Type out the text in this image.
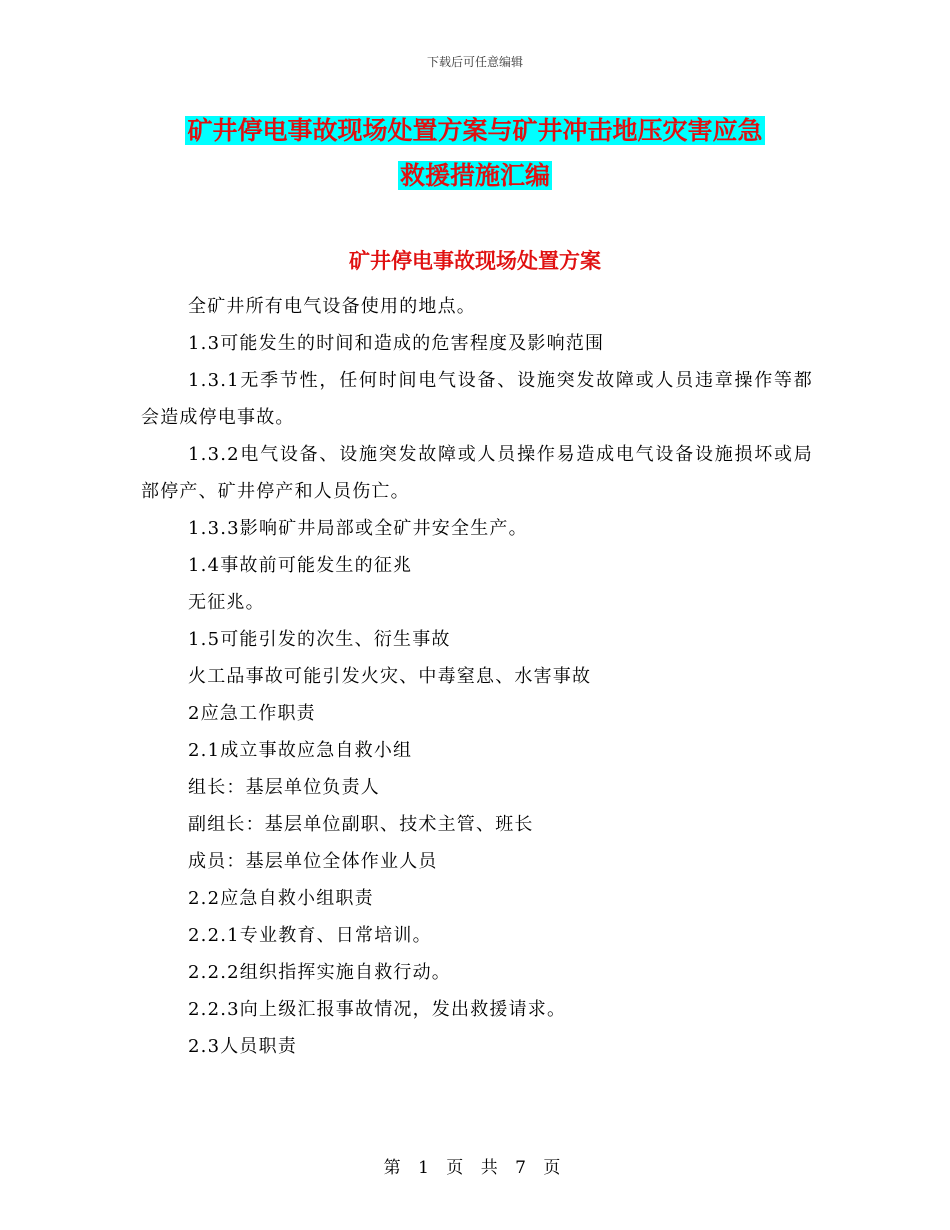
下载后可任意编辑
矿井停电事故现场处置方案与矿井冲击地压灾害应急
救援措施汇编
矿井停电事故现场处置方案

全矿井所有电气设备使用的地点。

1.3可能发生的时间和造成的危害程度及影响范围

1.3.1无季节性，任何时间电气设备、设施突发故障或人员违章操作等都会造成停电事故。

1.3.2电气设备、设施突发故障或人员操作易造成电气设备设施损坏或局部停产、矿井停产和人员伤亡。

1.3.3影响矿井局部或全矿井安全生产。

1.4事故前可能发生的征兆

无征兆。

1.5可能引发的次生、衍生事故

火工品事故可能引发火灾、中毒窒息、水害事故

2应急工作职责

2.1成立事故应急自救小组

组长：基层单位负责人

副组长：基层单位副职、技术主管、班长

成员：基层单位全体作业人员

2.2应急自救小组职责

2.2.1专业教育、日常培训。

2.2.2组织指挥实施自救行动。

2.2.3向上级汇报事故情况，发出救援请求。

2.3人员职责

第 1 页 共 7 页
